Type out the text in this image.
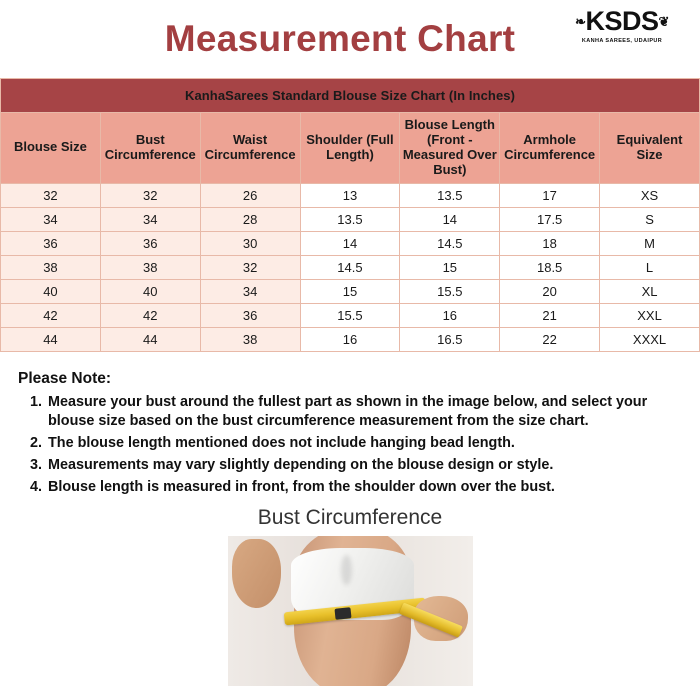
Measurement Chart	❧ KSDS ❦
KANHA SAREES, UDAIPUR
KanhaSarees Standard Blouse Size Chart (In Inches)						
Blouse Size	Bust Circumference	Waist Circumference	Shoulder (Full Length)	Blouse Length (Front - Measured Over Bust)	Armhole Circumference	Equivalent Size
32	32	26	13	13.5	17	XS
34	34	28	13.5	14	17.5	S
36	36	30	14	14.5	18	M
38	38	32	14.5	15	18.5	L
40	40	34	15	15.5	20	XL
42	42	36	15.5	16	21	XXL
44	44	38	16	16.5	22	XXXL
Please Note:
1. Measure your bust around the fullest part as shown in the image below, and select your blouse size based on the bust circumference measurement from the size chart.
2. The blouse length mentioned does not include hanging bead length.
3. Measurements may vary slightly depending on the blouse design or style.
4. Blouse length is measured in front, from the shoulder down over the bust.
Bust Circumference
